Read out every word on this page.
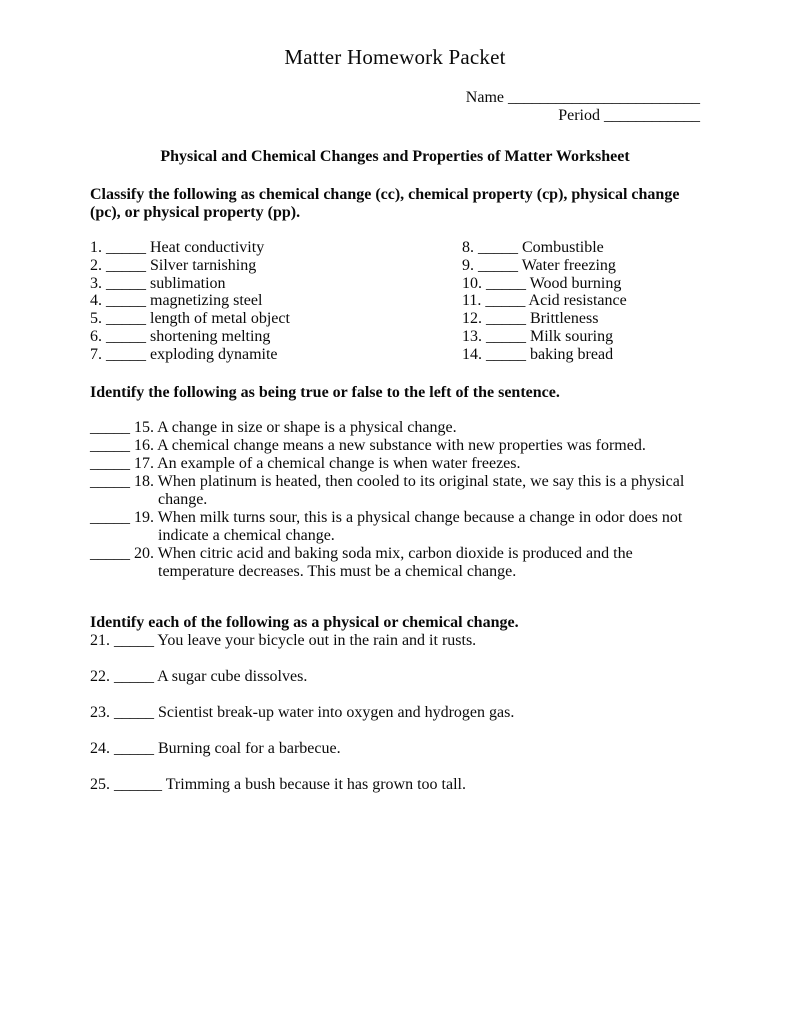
Matter Homework Packet
Name ________________________
Period ____________
Physical and Chemical Changes and Properties of Matter Worksheet

Classify the following as chemical change (cc), chemical property (cp), physical change (pc), or physical property (pp).

1. _____ Heat conductivity
2. _____ Silver tarnishing
3. _____ sublimation
4. _____ magnetizing steel
5. _____ length of metal object
6. _____ shortening melting
7. _____ exploding dynamite
8. _____ Combustible
9. _____ Water freezing
10. _____ Wood burning
11. _____ Acid resistance
12. _____ Brittleness
13. _____ Milk souring
14. _____ baking bread

Identify the following as being true or false to the left of the sentence.

_____ 15. A change in size or shape is a physical change.
_____ 16. A chemical change means a new substance with new properties was formed.
_____ 17. An example of a chemical change is when water freezes.
_____ 18. When platinum is heated, then cooled to its original state, we say this is a physical change.
_____ 19. When milk turns sour, this is a physical change because a change in odor does not indicate a chemical change.
_____ 20. When citric acid and baking soda mix, carbon dioxide is produced and the temperature decreases. This must be a chemical change.

Identify each of the following as a physical or chemical change.

21. _____ You leave your bicycle out in the rain and it rusts.
22. _____ A sugar cube dissolves.
23. _____ Scientist break-up water into oxygen and hydrogen gas.
24. _____ Burning coal for a barbecue.
25. ______ Trimming a bush because it has grown too tall.
